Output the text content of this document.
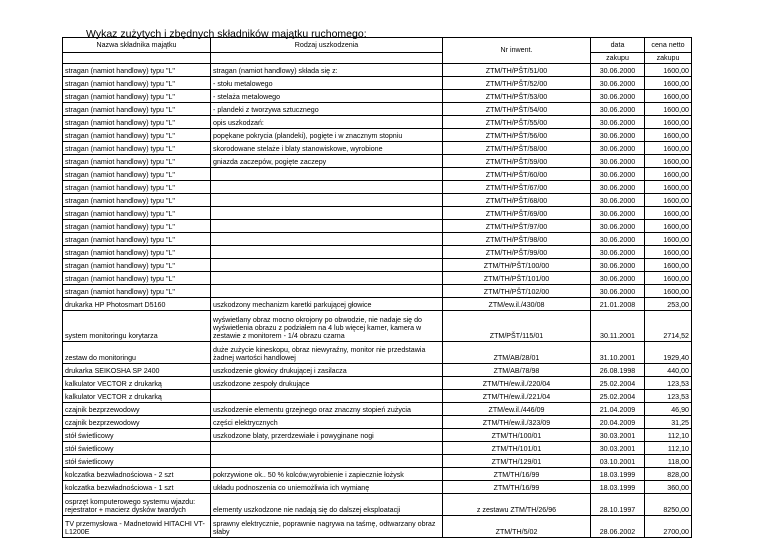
Wykaz zużytych i zbędnych składników majątku ruchomego:
Nazwa składnika majątku	Rodzaj uszkodzenia	Nr inwent.	data	cena netto
			zakupu	zakupu
stragan (namiot handlowy) typu "L"	stragan (namiot handlowy) składa się z:	ZTM/TH/PŠT/51/00	30.06.2000	1600,00
stragan (namiot handlowy) typu "L"	- stołu metalowego	ZTM/TH/PŠT/52/00	30.06.2000	1600,00
stragan (namiot handlowy) typu "L"	- stelaża metalowego	ZTM/TH/PŠT/53/00	30.06.2000	1600,00
stragan (namiot handlowy) typu "L"	- plandeki z tworzywa sztucznego	ZTM/TH/PŠT/54/00	30.06.2000	1600,00
stragan (namiot handlowy) typu "L"	opis uszkodzań:	ZTM/TH/PŠT/55/00	30.06.2000	1600,00
stragan (namiot handlowy) typu "L"	popękane pokrycia (plandeki), pogięte i w znacznym stopniu	ZTM/TH/PŠT/56/00	30.06.2000	1600,00
stragan (namiot handlowy) typu "L"	skorodowane stelaże i blaty stanowiskowe, wyrobione	ZTM/TH/PŠT/58/00	30.06.2000	1600,00
stragan (namiot handlowy) typu "L"	gniazda zaczepów, pogięte zaczepy	ZTM/TH/PŠT/59/00	30.06.2000	1600,00
stragan (namiot handlowy) typu "L"		ZTM/TH/PŠT/60/00	30.06.2000	1600,00
stragan (namiot handlowy) typu "L"		ZTM/TH/PŠT/67/00	30.06.2000	1600,00
stragan (namiot handlowy) typu "L"		ZTM/TH/PŠT/68/00	30.06.2000	1600,00
stragan (namiot handlowy) typu "L"		ZTM/TH/PŠT/69/00	30.06.2000	1600,00
stragan (namiot handlowy) typu "L"		ZTM/TH/PŠT/97/00	30.06.2000	1600,00
stragan (namiot handlowy) typu "L"		ZTM/TH/PŠT/98/00	30.06.2000	1600,00
stragan (namiot handlowy) typu "L"		ZTM/TH/PŠT/99/00	30.06.2000	1600,00
stragan (namiot handlowy) typu "L"		ZTM/TH/PŠT/100/00	30.06.2000	1600,00
stragan (namiot handlowy) typu "L"		ZTM/TH/PŠT/101/00	30.06.2000	1600,00
stragan (namiot handlowy) typu "L"		ZTM/TH/PŠT/102/00	30.06.2000	1600,00
drukarka HP Photosmart D5160	uszkodzony mechanizm karetki parkującej głowice	ZTM/ew.il./430/08	21.01.2008	253,00
system monitoringu korytarza	wyświetlany obraz mocno okrojony po obwodzie, nie nadaje się do wyświetlenia obrazu z podziałem na 4 lub więcej kamer, kamera w zestawie z monitorem - 1/4 obrazu czarna	ZTM/PŠT/115/01	30.11.2001	2714,52
zestaw do monitoringu	duże zużycie kineskopu, obraz niewyraźny, monitor nie przedstawia żadnej wartości handlowej	ZTM/AB/28/01	31.10.2001	1929,40
drukarka SEIKOSHA SP 2400	uszkodzenie głowicy drukującej i zasilacza	ZTM/AB/78/98	26.08.1998	440,00
kalkulator VECTOR z drukarką	uszkodzone zespoły drukujące	ZTM/TH/ew.il./220/04	25.02.2004	123,53
kalkulator VECTOR z drukarką		ZTM/TH/ew.il./221/04	25.02.2004	123,53
czajnik bezprzewodowy	uszkodzenie elementu grzejnego oraz znaczny stopień zużycia	ZTM/ew.il./446/09	21.04.2009	46,90
czajnik bezprzewodowy	części elektrycznych	ZTM/TH/ew.il./323/09	20.04.2009	31,25
stół świetlicowy	uszkodzone blaty, przerdzewiałe i powyginane nogi	ZTM/TH/100/01	30.03.2001	112,10
stół świetlicowy		ZTM/TH/101/01	30.03.2001	112,10
stół świetlicowy		ZTM/TH/129/01	03.10.2001	118,00
kolczatka bezwładnościowa - 2 szt	pokrzywione ok.. 50 % kolców,wyrobienie i zapiecznie łożysk	ZTM/TH/16/99	18.03.1999	828,00
kolczatka bezwładnościowa - 1 szt	układu podnoszenia co uniemożliwia ich wymianę	ZTM/TH/16/99	18.03.1999	360,00
osprzęt komputerowego systemu wjazdu: rejestrator + macierz dysków twardych	elementy uszkodzone nie nadają się do dalszej eksploatacji	z zestawu ZTM/TH/26/96	28.10.1997	8250,00
TV przemysłowa - Madnetowid HITACHI VT-L1200E	sprawny elektrycznie, poprawnie nagrywa na taśmę, odtwarzany obraz słaby	ZTM/TH/5/02	28.06.2002	2700,00
